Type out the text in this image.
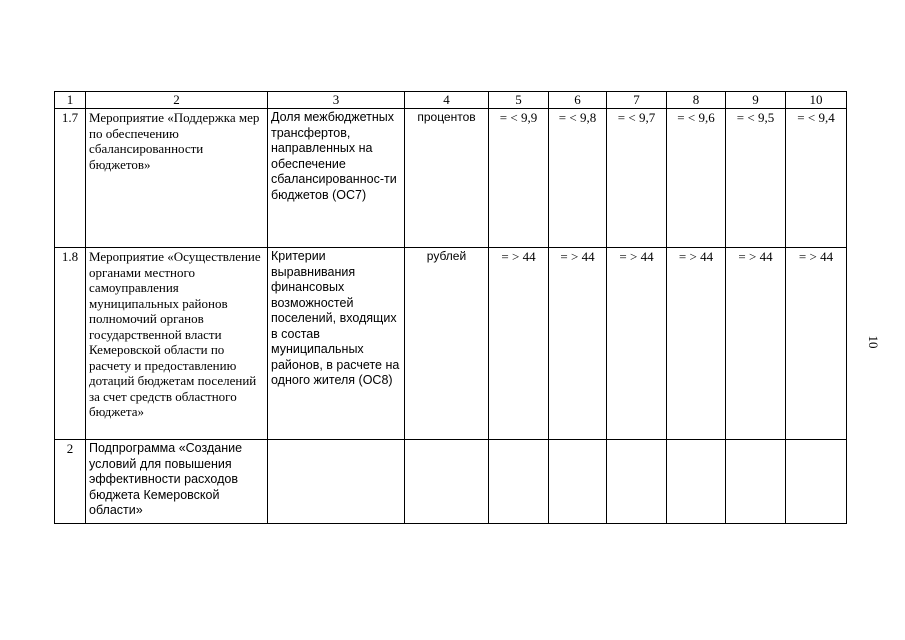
1	2	3	4	5	6	7	8	9	10
1.7	Мероприятие «Поддержка мер по обеспечению сбалансированности бюджетов»	Доля межбюджетных трансфертов, направленных на обеспечение сбалансированнос-ти бюджетов (ОС7)	процентов	= < 9,9	= < 9,8	= < 9,7	= < 9,6	= < 9,5	= < 9,4
1.8	Мероприятие «Осуществление органами местного самоуправления муниципальных районов полномочий органов государственной власти Кемеровской области по расчету и предоставлению дотаций бюджетам поселений за счет средств областного бюджета»	Критерии выравнивания финансовых возможностей поселений, входящих в состав муниципальных районов, в расчете на одного жителя (ОС8)	рублей	= > 44	= > 44	= > 44	= > 44	= > 44	= > 44
2	Подпрограмма «Создание условий для повышения эффективности расходов бюджета Кемеровской области»								
10
